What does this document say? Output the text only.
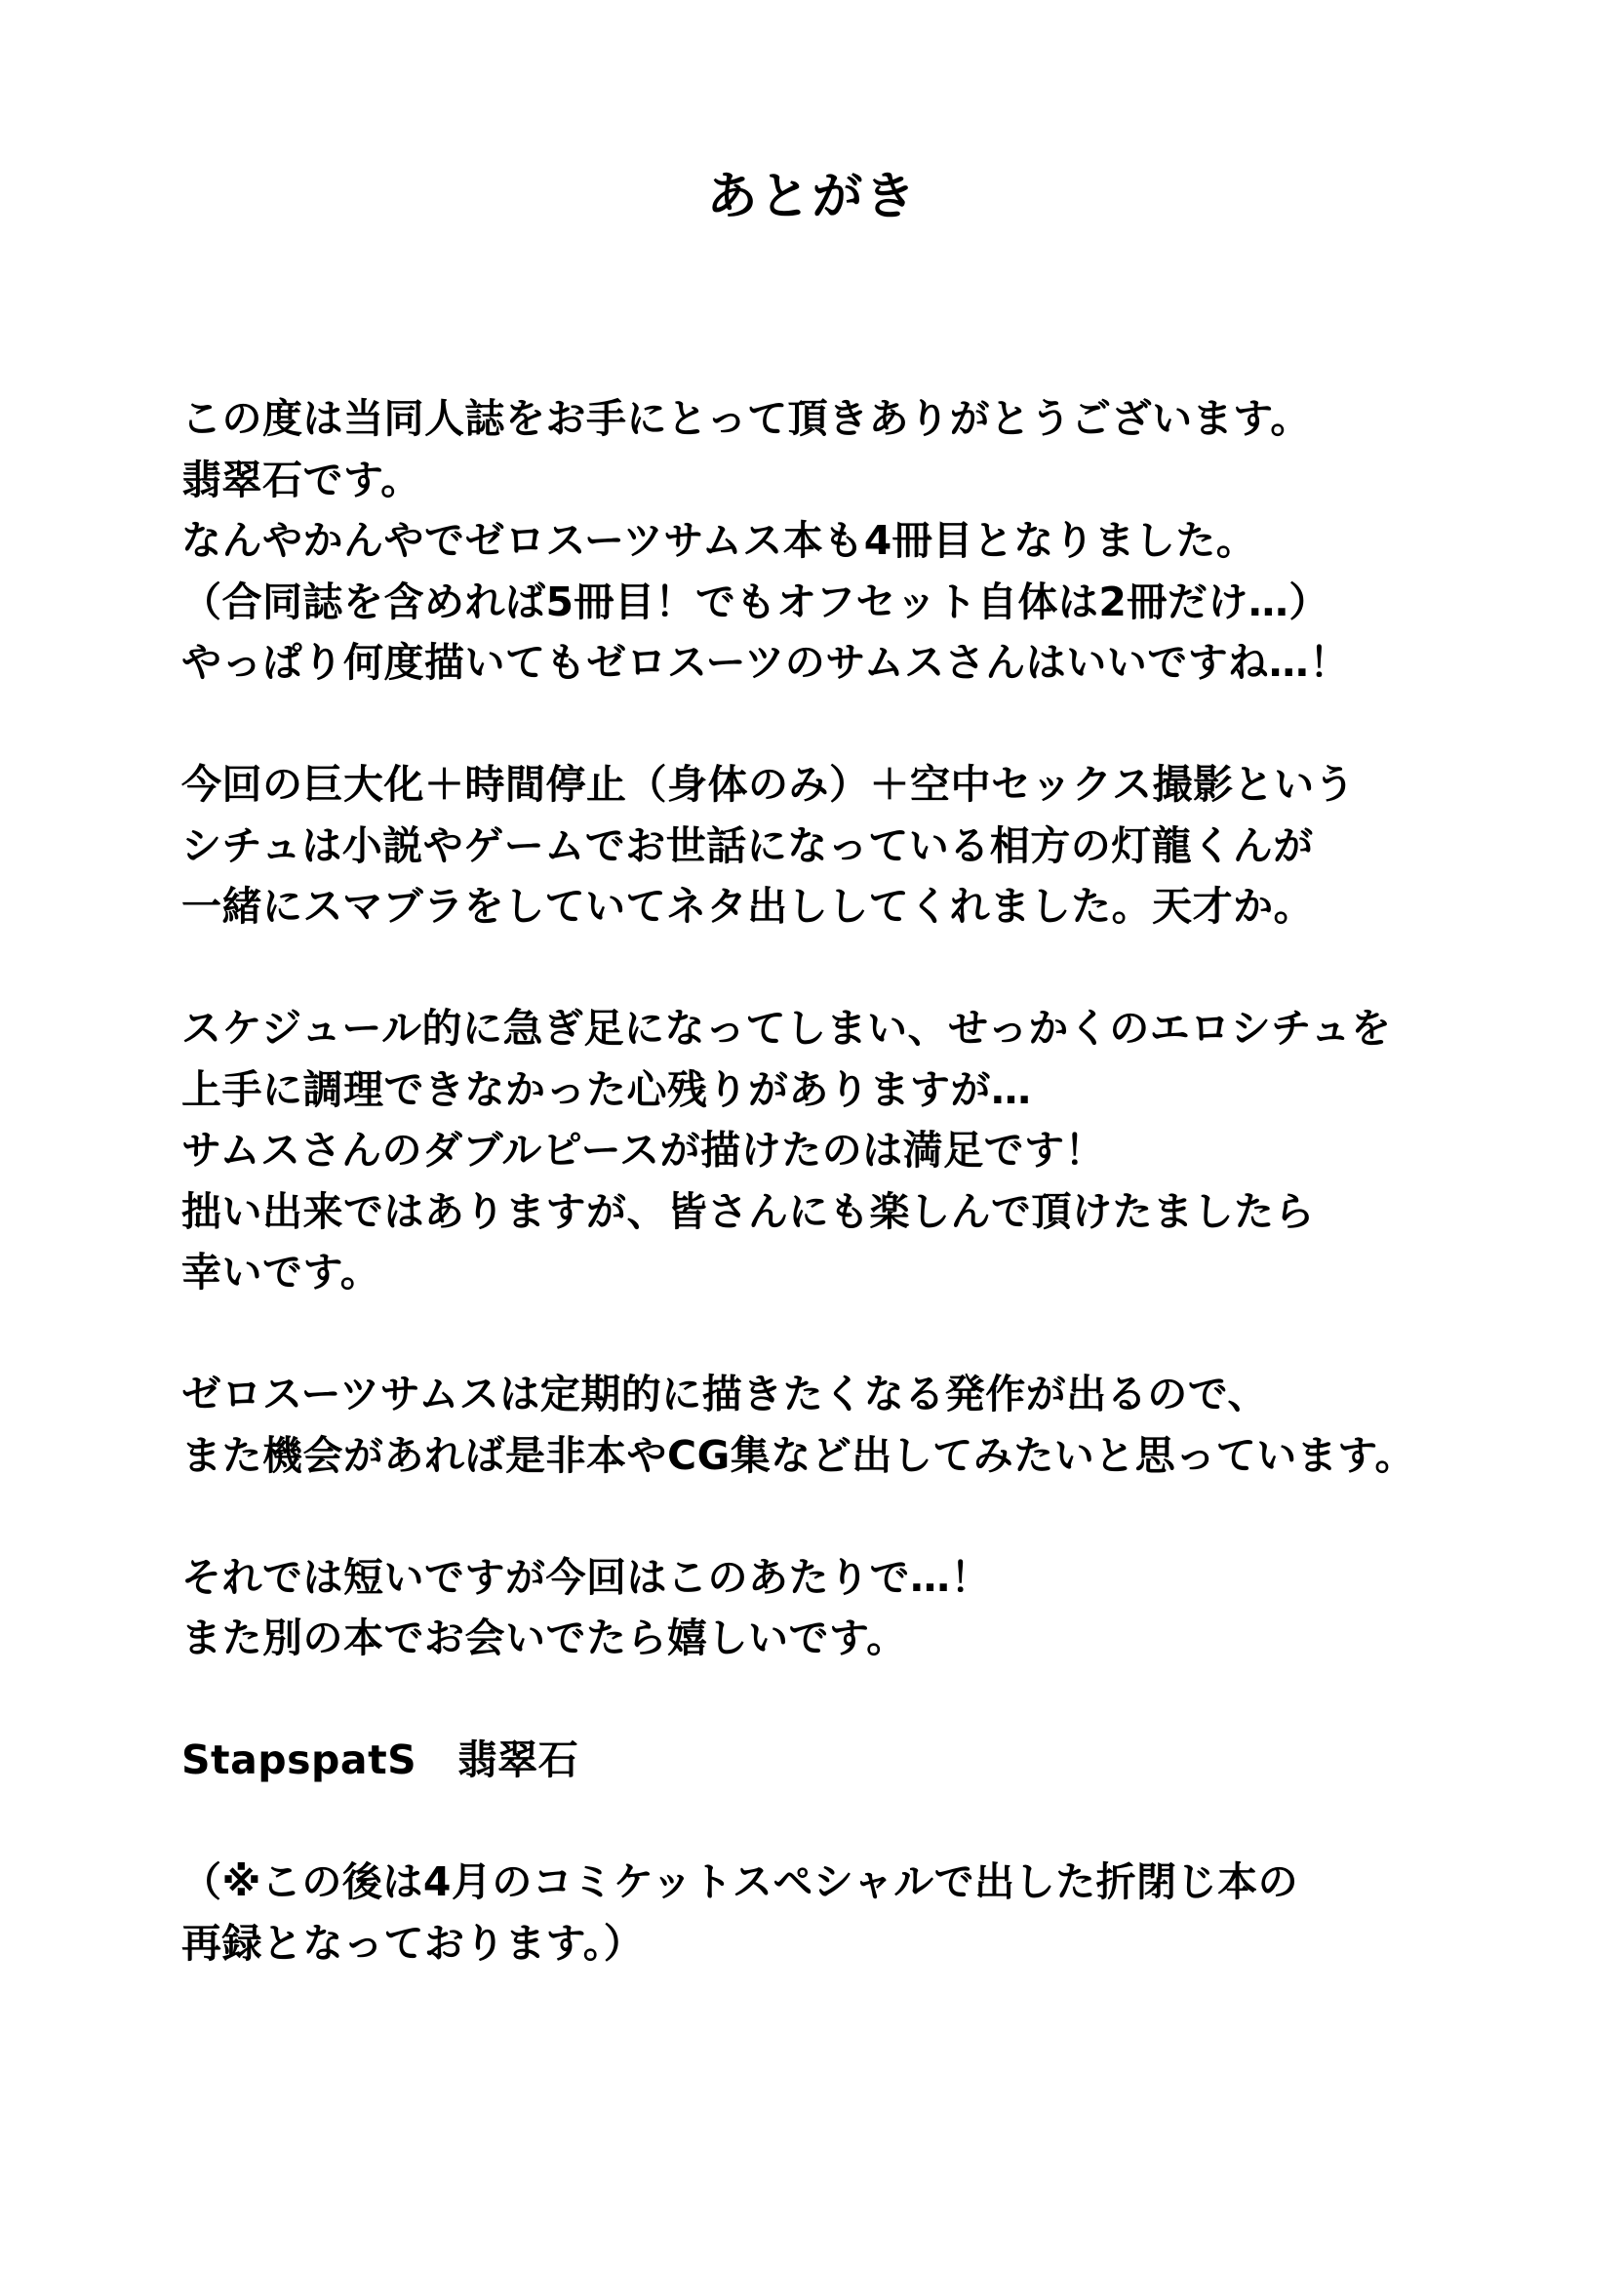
あとがき
この度は当同人誌をお手にとって頂きありがとうございます。
翡翠石です。
なんやかんやでゼロスーツサムス本も4冊目となりました。
（合同誌を含めれば5冊目！でもオフセット自体は2冊だけ…）
やっぱり何度描いてもゼロスーツのサムスさんはいいですね…！
今回の巨大化＋時間停止（身体のみ）＋空中セックス撮影という
シチュは小説やゲームでお世話になっている相方の灯龍くんが
一緒にスマブラをしていてネタ出ししてくれました。天才か。
スケジュール的に急ぎ足になってしまい、せっかくのエロシチュを
上手に調理できなかった心残りがありますが…
サムスさんのダブルピースが描けたのは満足です！
拙い出来ではありますが、皆さんにも楽しんで頂けたましたら
幸いです。
ゼロスーツサムスは定期的に描きたくなる発作が出るので、
また機会があれば是非本やCG集など出してみたいと思っています。
それでは短いですが今回はこのあたりで…！
また別の本でお会いでたら嬉しいです。
StapspatS　翡翠石
（※この後は4月のコミケットスペシャルで出した折閉じ本の
再録となっております。）
